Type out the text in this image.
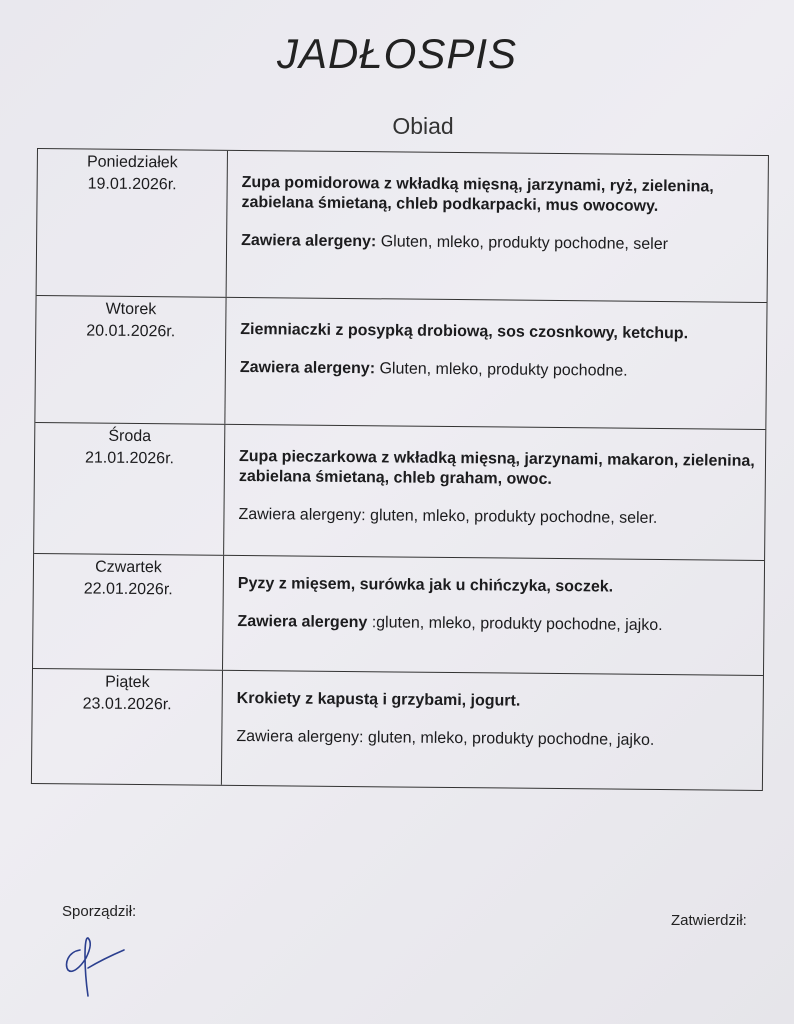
JADŁOSPIS
Obiad
Poniedziałek
19.01.2026r.	Zupa pomidorowa z wkładką mięsną, jarzynami, ryż, zielenina, zabielana śmietaną, chleb podkarpacki, mus owocowy.
Zawiera alergeny: Gluten, mleko, produkty pochodne, seler
Wtorek
20.01.2026r.	Ziemniaczki z posypką drobiową, sos czosnkowy, ketchup.
Zawiera alergeny: Gluten, mleko, produkty pochodne.
Środa
21.01.2026r.	Zupa pieczarkowa z wkładką mięsną, jarzynami, makaron, zielenina, zabielana śmietaną, chleb graham, owoc.
Zawiera alergeny: gluten, mleko, produkty pochodne, seler.
Czwartek
22.01.2026r.	Pyzy z mięsem, surówka jak u chińczyka, soczek.
Zawiera alergeny :gluten, mleko, produkty pochodne, jajko.
Piątek
23.01.2026r.	Krokiety z kapustą i grzybami, jogurt.
Zawiera alergeny: gluten, mleko, produkty pochodne, jajko.
Sporządził:
Zatwierdził:
